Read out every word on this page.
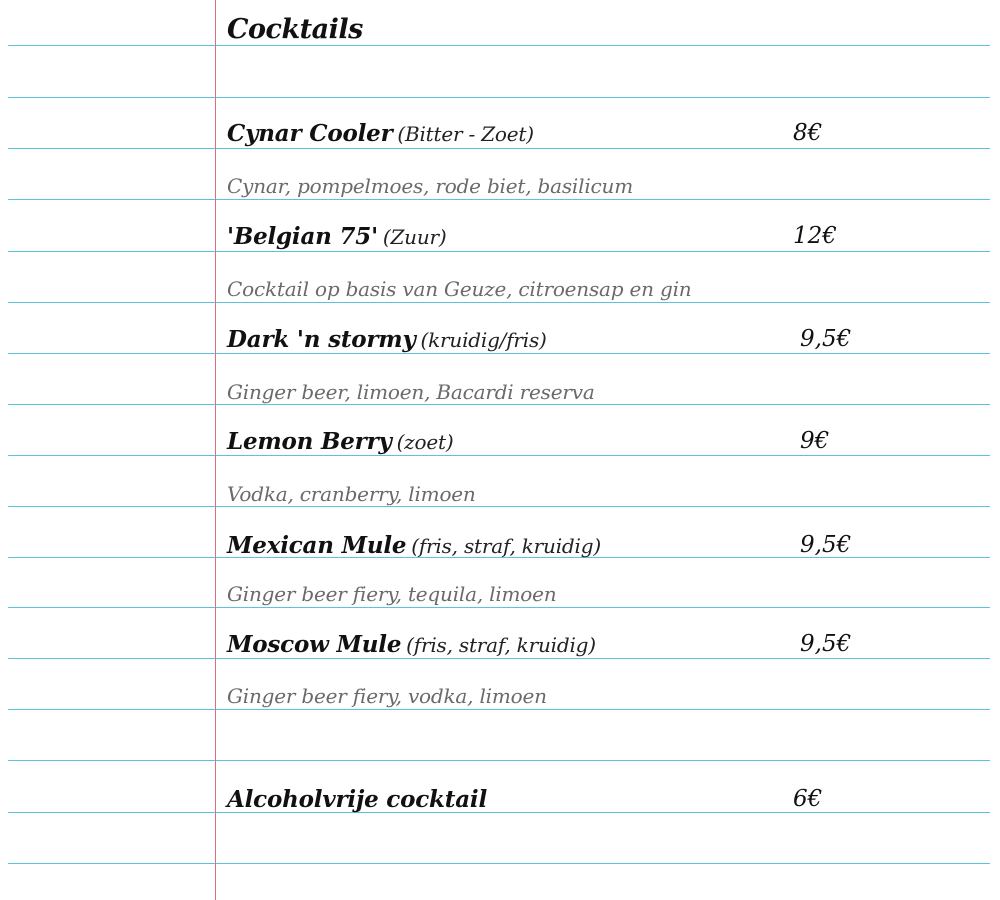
Cocktails
Cynar Cooler (Bitter - Zoet)	8€
Cynar, pompelmoes, rode biet, basilicum
'Belgian 75' (Zuur)	12€
Cocktail op basis van Geuze, citroensap en gin
Dark 'n stormy (kruidig/fris)	9,5€
Ginger beer, limoen, Bacardi reserva
Lemon Berry (zoet)	9€
Vodka, cranberry, limoen
Mexican Mule (fris, straf, kruidig)	9,5€
Ginger beer fiery, tequila, limoen
Moscow Mule (fris, straf, kruidig)	9,5€
Ginger beer fiery, vodka, limoen
Alcoholvrije cocktail	6€
